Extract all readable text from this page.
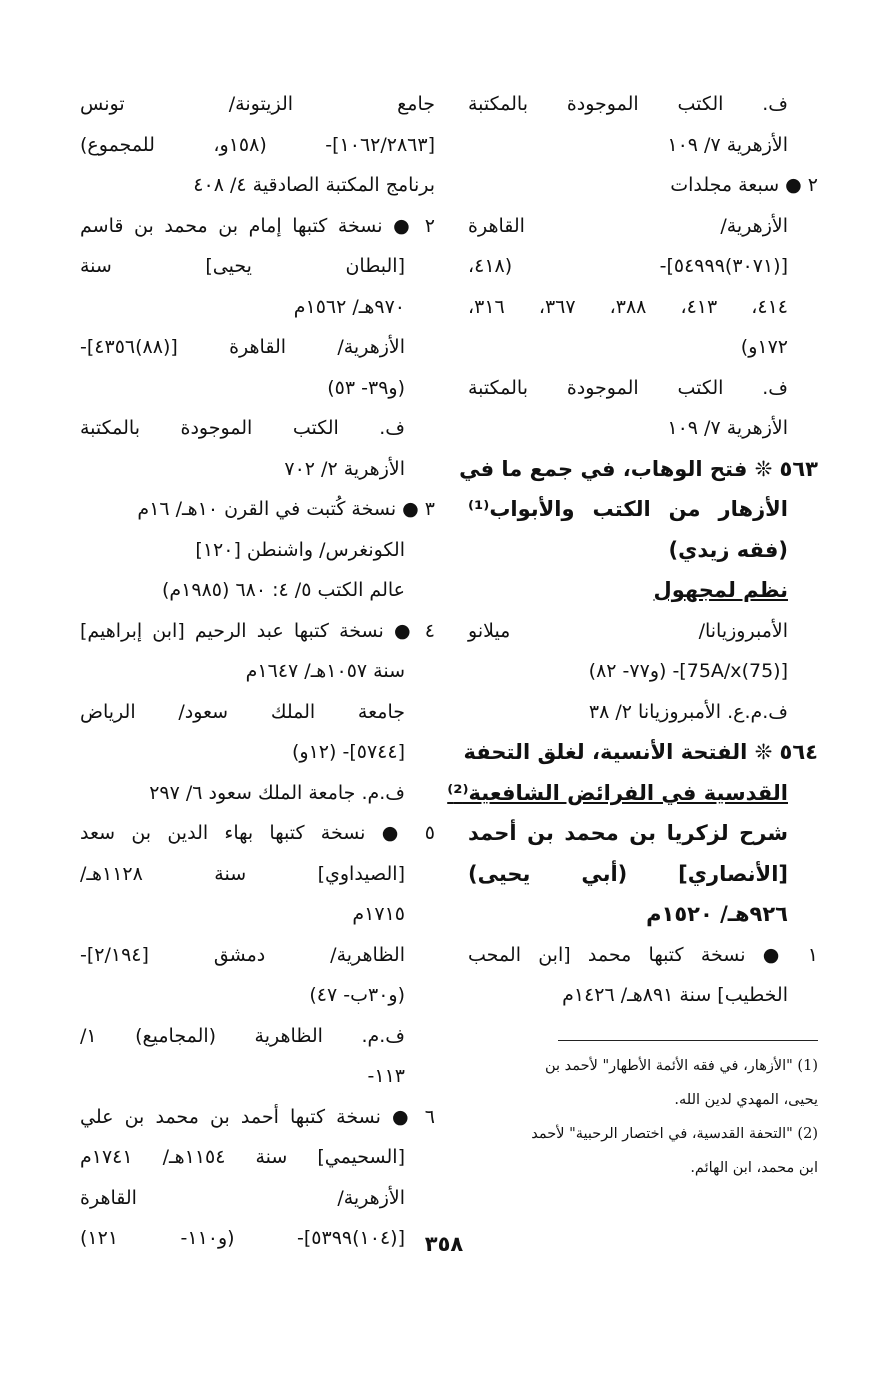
ف. الكتب الموجودة بالمكتبة
الأزهرية ٧/ ١٠٩
٢ ● سبعة مجلدات
الأزهرية/ القاهرة
[(٣٠٧١)٥٤٩٩٩]- (٤١٨،
٤١٤، ٤١٣، ٣٨٨، ٣٦٧، ٣١٦،
١٧٢و)
ف. الكتب الموجودة بالمكتبة
الأزهرية ٧/ ١٠٩
٥٦٣ ❊ فتح الوهاب، في جمع ما في
الأزهار من الكتب والأبواب⁽¹⁾
(فقه زيدي)
نظم لمجهول
الأمبروزيانا/ ميلانو
[(75)75A/x]- (و٧٧- ٨٢)
ف.م.ع. الأمبروزيانا ٢/ ٣٨
٥٦٤ ❊ الفتحة الأنسية، لغلق التحفة
القدسية في الفرائض الشافعية⁽²⁾
شرح لزكريا بن محمد بن أحمد
[الأنصاري] (أبي يحيى)
٩٢٦هـ/ ١٥٢٠م
١ ● نسخة كتبها محمد [ابن المحب
الخطيب] سنة ٨٩١هـ/ ١٤٢٦م
جامع الزيتونة/ تونس
[١٠٦٢/٢٨٦٣]- (١٥٨و، للمجموع)
برنامج المكتبة الصادقية ٤/ ٤٠٨
٢ ● نسخة كتبها إمام بن محمد بن قاسم
[البطان يحيى] سنة
٩٧٠هـ/ ١٥٦٢م
الأزهرية/ القاهرة [(٨٨)٤٣٥٦]-
(و٣٩- ٥٣)
ف. الكتب الموجودة بالمكتبة
الأزهرية ٢/ ٧٠٢
٣ ● نسخة كُتبت في القرن ١٠هـ/ ١٦م
الكونغرس/ واشنطن [١٢٠]
عالم الكتب ٥/ ٤: ٦٨٠ (١٩٨٥م)
٤ ● نسخة كتبها عبد الرحيم [ابن إبراهيم]
سنة ١٠٥٧هـ/ ١٦٤٧م
جامعة الملك سعود/ الرياض
[٥٧٤٤]- (١٢و)
ف.م. جامعة الملك سعود ٦/ ٢٩٧
٥ ● نسخة كتبها بهاء الدين بن سعد
[الصيداوي] سنة ١١٢٨هـ/
١٧١٥م
الظاهرية/ دمشق [٢/١٩٤]-
(و٣٠ب- ٤٧)
ف.م. الظاهرية (المجاميع) ١/
١١٣-
٦ ● نسخة كتبها أحمد بن محمد بن علي
[السحيمي] سنة ١١٥٤هـ/ ١٧٤١م
الأزهرية/ القاهرة
[(١٠٤)٥٣٩٩]- (و١١٠- ١٢١)
(1) "الأزهار، في فقه الأئمة الأطهار" لأحمد بن
يحيى، المهدي لدين الله.
(2) "التحفة القدسية، في اختصار الرحبية" لأحمد
ابن محمد، ابن الهائم.
٣٥٨
